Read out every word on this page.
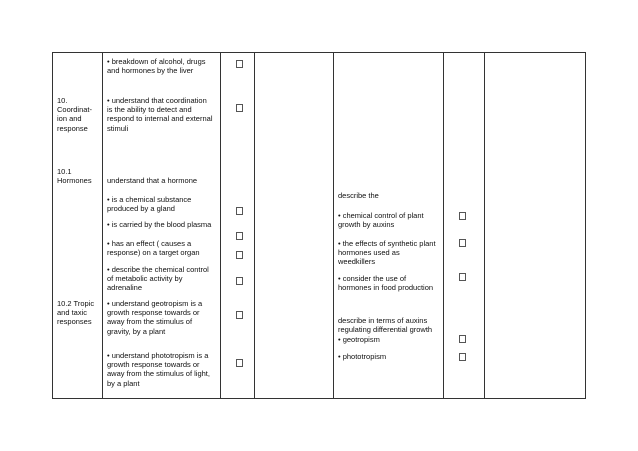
10.
Coordinat-
ion and
response
• breakdown of alcohol, drugs
and hormones by the liver
• understand that coordination
is the ability to detect and
respond to internal and external
stimuli
10.1
Hormones understand that a hormone
• is a chemical substance
produced by a gland
• is carried by the blood plasma
• has an effect ( causes a
response) on a target organ
• describe the chemical control
of metabolic activity by
adrenaline
describe the
• chemical control of plant
growth by auxins
• the effects of synthetic plant
hormones used as
weedkillers
• consider the use of
hormones in food production
10.2 Tropic
and taxic
responses
• understand geotropism is a
growth response towards or
away from the stimulus of
gravity, by a plant
• understand phototropism is a
growth response towards or
away from the stimulus of light,
by a plant
describe in terms of auxins
regulating differential growth
• geotropism
• phototropism
